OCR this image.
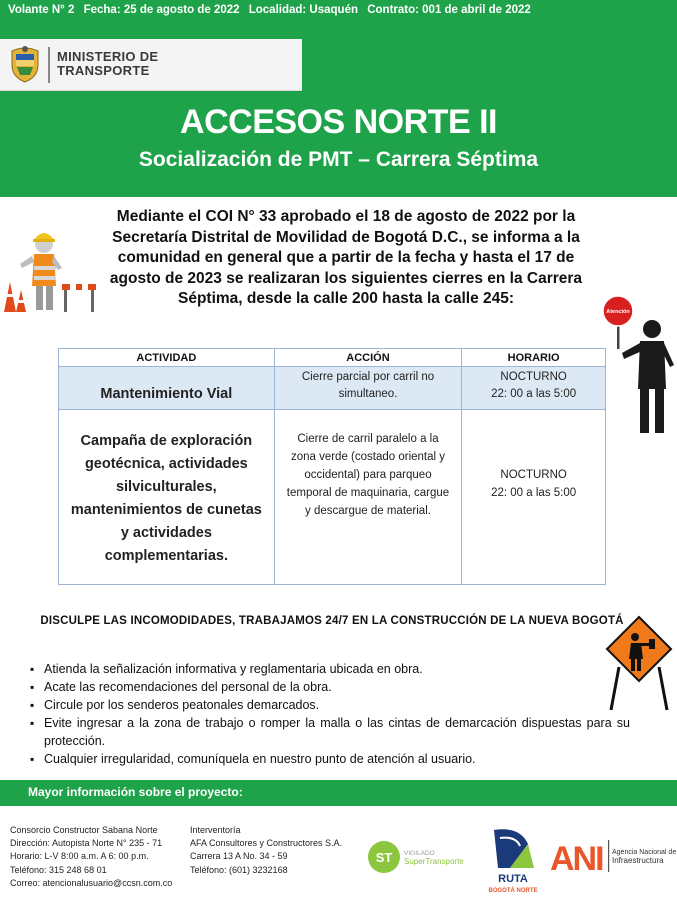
Volante N° 2 Fecha: 25 de agosto de 2022 Localidad: Usaquén Contrato: 001 de abril de 2022
MINISTERIO DE
TRANSPORTE
ACCESOS NORTE II
Socialización de PMT – Carrera Séptima
Mediante el COI N° 33 aprobado el 18 de agosto de 2022 por la Secretaría Distrital de Movilidad de Bogotá D.C., se informa a la comunidad en general que a partir de la fecha y hasta el 17 de agosto de 2023 se realizaran los siguientes cierres en la Carrera Séptima, desde la calle 200 hasta la calle 245:
Atención
ACTIVIDAD	ACCIÓN	HORARIO

Mantenimiento Vial	Cierre parcial por carril no simultaneo.	NOCTURNO
22: 00 a las 5:00

Campaña de exploración geotécnica, actividades silviculturales, mantenimientos de cunetas y actividades complementarias.	Cierre de carril paralelo a la zona verde (costado oriental y occidental) para parqueo temporal de maquinaria, cargue y descargue de material.	NOCTURNO
22: 00 a las 5:00
DISCULPE LAS INCOMODIDADES, TRABAJAMOS 24/7 EN LA CONSTRUCCIÓN DE LA NUEVA BOGOTÁ
▪ Atienda la señalización informativa y reglamentaria ubicada en obra.
▪ Acate las recomendaciones del personal de la obra.
▪ Circule por los senderos peatonales demarcados.
▪ Evite ingresar a la zona de trabajo o romper la malla o las cintas de demarcación dispuestas para su protección.
▪ Cualquier irregularidad, comuníquela en nuestro punto de atención al usuario.
Mayor información sobre el proyecto:
Consorcio Constructor Sabana Norte
Dirección: Autopista Norte N° 235 - 71
Horario: L-V 8:00 a.m. A 6: 00 p.m.
Teléfono: 315 248 68 01
Correo: atencionalusuario@ccsn.com.co
Interventoría
AFA Consultores y Constructores S.A.
Carrera 13 A No. 34 - 59
Teléfono: (601) 3232168
ST VIGILADO
SuperTransporte
RUTA
BOGOTÁ NORTE
ANI Agencia Nacional de
Infraestructura
